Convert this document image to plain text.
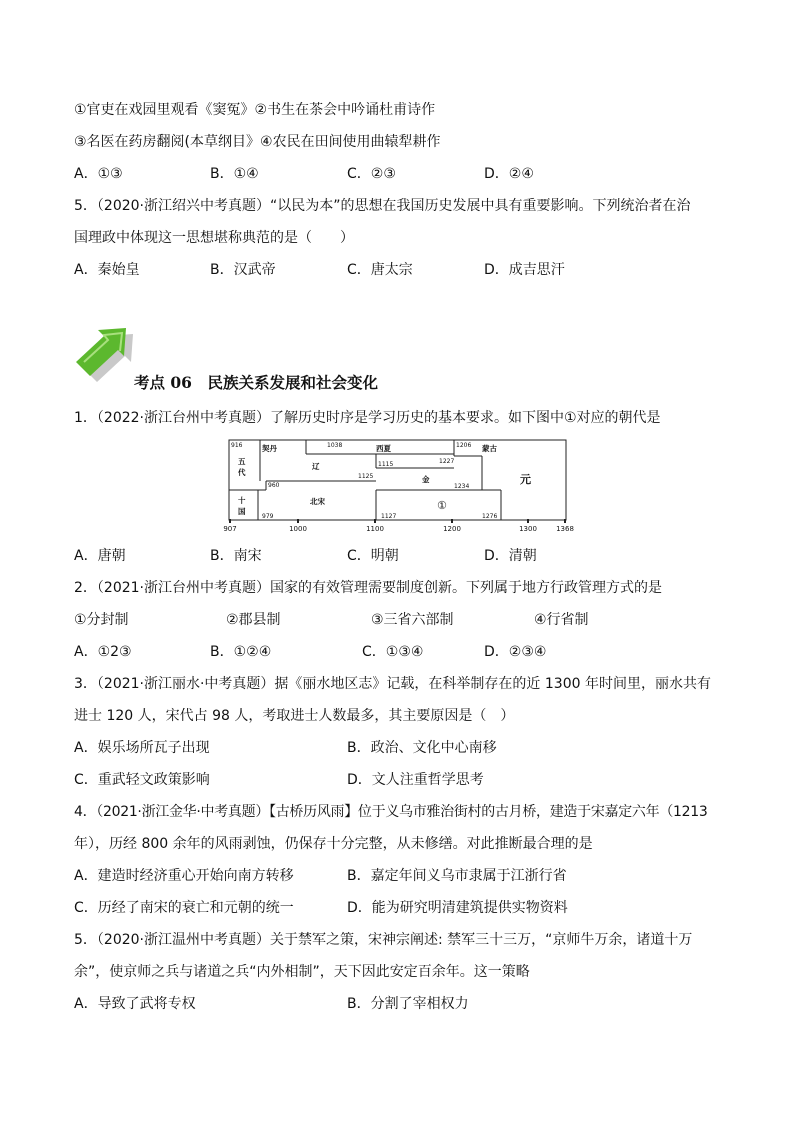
①官吏在戏园里观看《窦冤》②书生在茶会中吟诵杜甫诗作
③名医在药房翻阅(本草纲目》④农民在田间使用曲辕犁耕作
A．①③	B．①④	C．②③	D．②④
5．（2020·浙江绍兴中考真题）“以民为本”的思想在我国历史发展中具有重要影响。下列统治者在治
国理政中体现这一思想堪称典范的是（　　）
A．秦始皇	B．汉武帝	C．唐太宗	D．成吉思汗
考点 06　民族关系发展和社会变化
1．（2022·浙江台州中考真题）了解历史时序是学习历史的基本要求。如下图中①对应的朝代是
907	1000	1100	1200	1300	1368
契丹
辽
西夏	蒙古
五
代
金
十
国
北宋
元
①
916	1038	1206
1227
1115
960
1125
1234
979	1127	1276
A．唐朝	B．南宋	C．明朝	D．清朝
2．（2021·浙江台州中考真题）国家的有效管理需要制度创新。下列属于地方行政管理方式的是
①分封制	②郡县制	③三省六部制	④行省制
A．①2③	B．①②④	C．①③④	D．②③④
3．（2021·浙江丽水·中考真题）据《丽水地区志》记载，在科举制存在的近 1300 年时间里，丽水共有
进士 120 人，宋代占 98 人，考取进士人数最多，其主要原因是（　）
A．娱乐场所瓦子出现	B．政治、文化中心南移
C．重武轻文政策影响	D．文人注重哲学思考
4．（2021·浙江金华·中考真题）【古桥历风雨】位于义乌市雅治街村的古月桥，建造于宋嘉定六年（1213
年），历经 800 余年的风雨剥蚀，仍保存十分完整，从未修缮。对此推断最合理的是
A．建造时经济重心开始向南方转移	B．嘉定年间义乌市隶属于江浙行省
C．历经了南宋的衰亡和元朝的统一	D．能为研究明清建筑提供实物资料
5．（2020·浙江温州中考真题）关于禁军之策，宋神宗阐述: 禁军三十三万，“京师牛万余，诸道十万
余”，使京师之兵与诸道之兵“内外相制”，天下因此安定百余年。这一策略
A．导致了武将专权	B．分割了宰相权力
